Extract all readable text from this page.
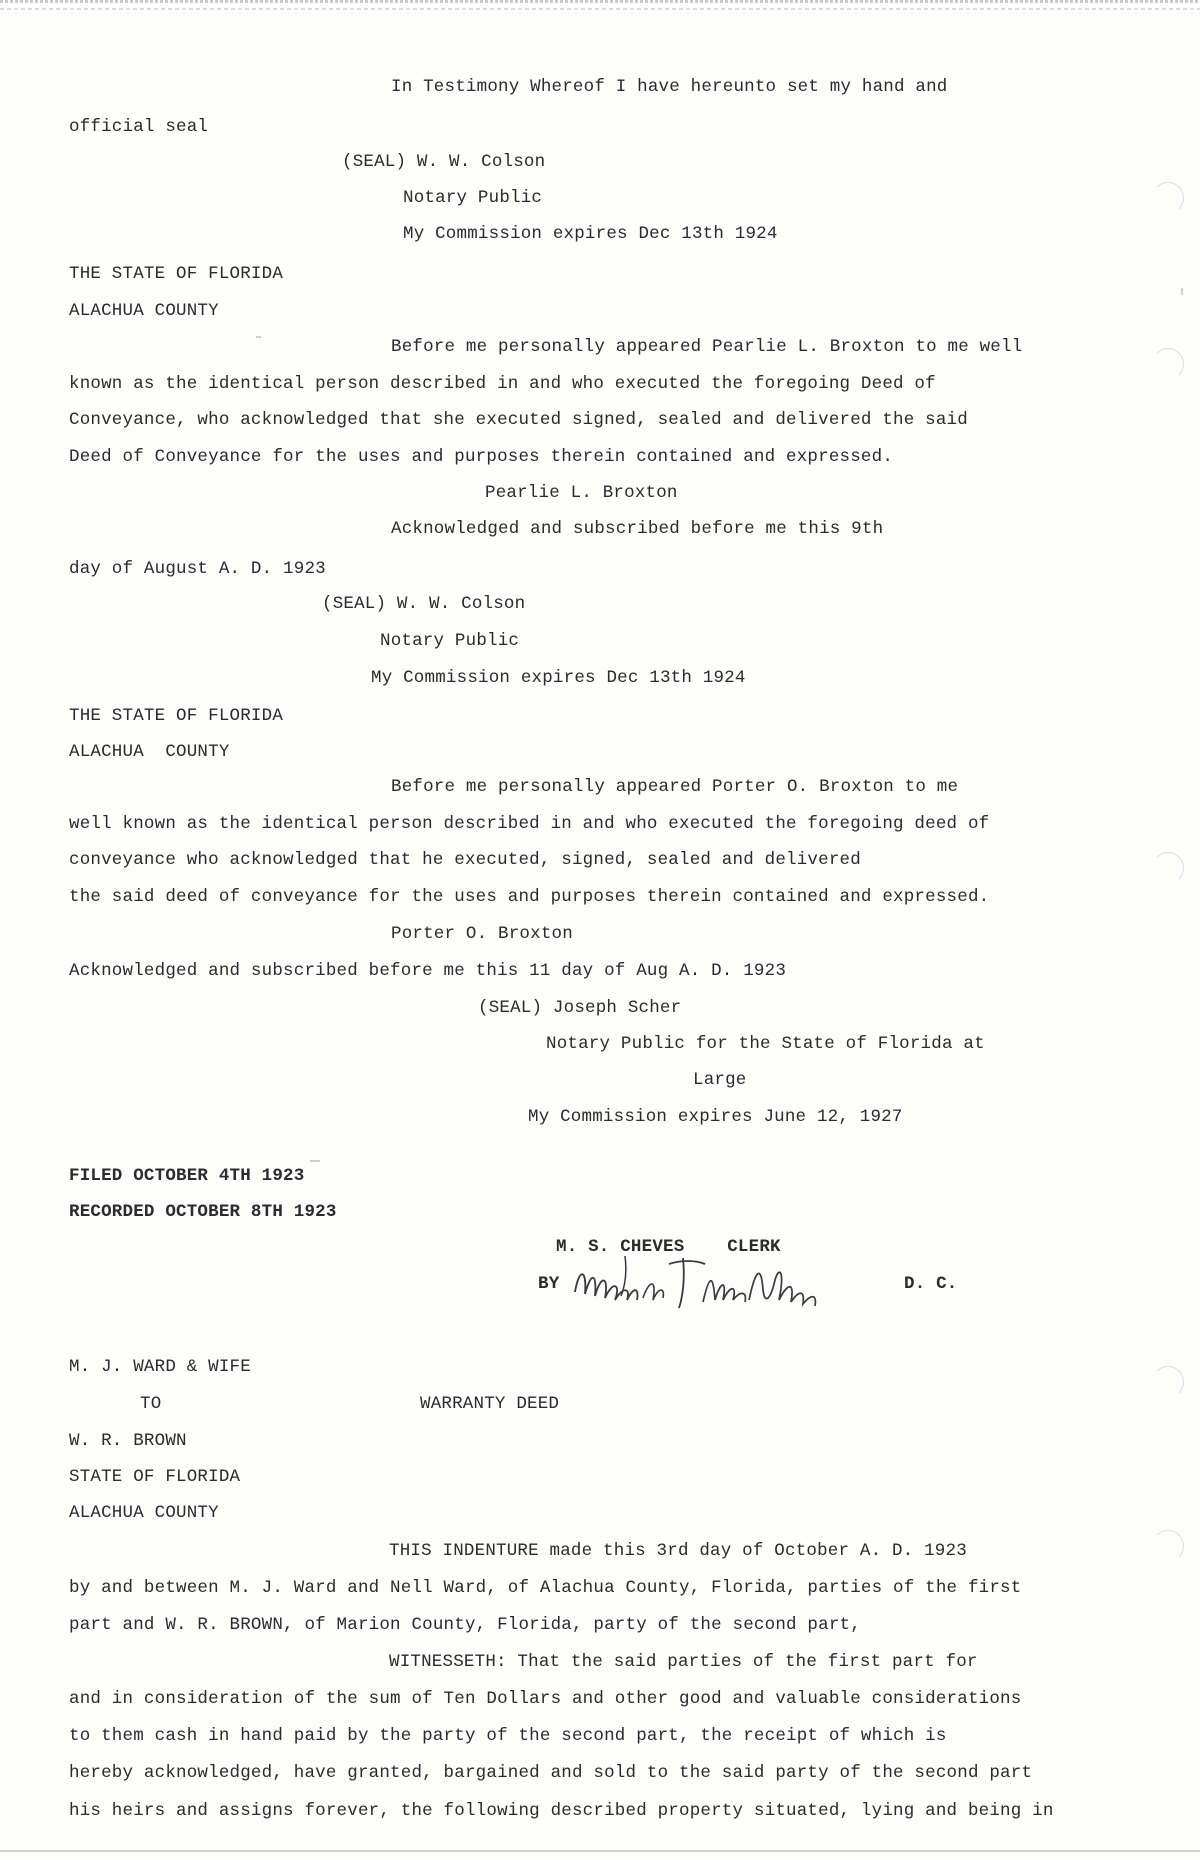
In Testimony Whereof I have hereunto set my hand and

official seal

(SEAL) W. W. Colson

Notary Public

My Commission expires Dec 13th 1924

THE STATE OF FLORIDA

ALACHUA COUNTY

Before me personally appeared Pearlie L. Broxton to me well

known as the identical person described in and who executed the foregoing Deed of

Conveyance, who acknowledged that she executed signed, sealed and delivered the said

Deed of Conveyance for the uses and purposes therein contained and expressed.

Pearlie L. Broxton

Acknowledged and subscribed before me this 9th

day of August A. D. 1923

(SEAL) W. W. Colson

Notary Public

My Commission expires Dec 13th 1924

THE STATE OF FLORIDA

ALACHUA  COUNTY

Before me personally appeared Porter O. Broxton to me

well known as the identical person described in and who executed the foregoing deed of

conveyance who acknowledged that he executed, signed, sealed and delivered

the said deed of conveyance for the uses and purposes therein contained and expressed.

Porter O. Broxton

Acknowledged and subscribed before me this 11 day of Aug A. D. 1923

(SEAL) Joseph Scher

Notary Public for the State of Florida at

Large

My Commission expires June 12, 1927

FILED OCTOBER 4TH 1923

RECORDED OCTOBER 8TH 1923

M. S. CHEVES    CLERK

BY	D. C.

M. J. WARD & WIFE

TO	WARRANTY DEED

W. R. BROWN

STATE OF FLORIDA

ALACHUA COUNTY

THIS INDENTURE made this 3rd day of October A. D. 1923

by and between M. J. Ward and Nell Ward, of Alachua County, Florida, parties of the first

part and W. R. BROWN, of Marion County, Florida, party of the second part,

WITNESSETH: That the said parties of the first part for

and in consideration of the sum of Ten Dollars and other good and valuable considerations

to them cash in hand paid by the party of the second part, the receipt of which is

hereby acknowledged, have granted, bargained and sold to the said party of the second part

his heirs and assigns forever, the following described property situated, lying and being in
